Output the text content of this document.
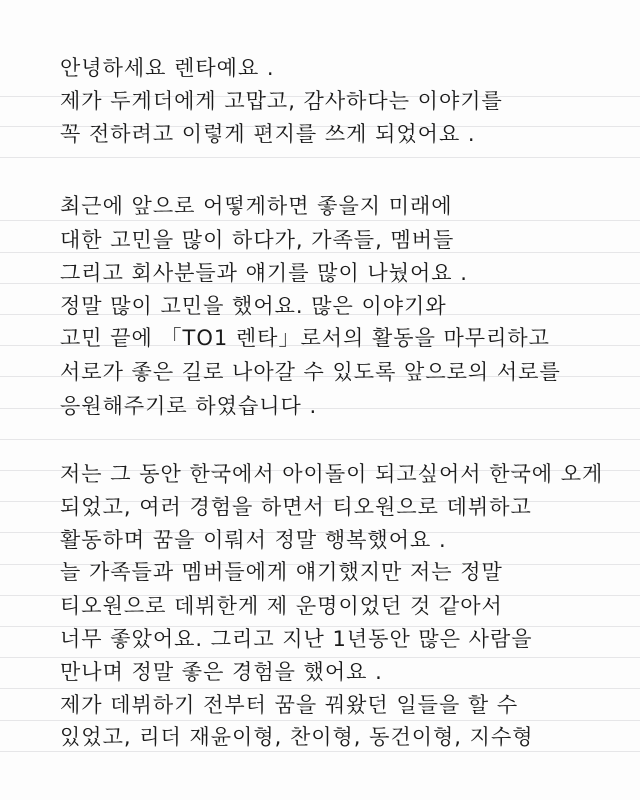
안녕하세요 렌타예요 .
제가 두게더에게 고맙고, 감사하다는 이야기를
꼭 전하려고 이렇게 편지를 쓰게 되었어요 .
최근에 앞으로 어떻게하면 좋을지 미래에
대한 고민을 많이 하다가, 가족들, 멤버들
그리고 회사분들과 얘기를 많이 나눴어요 .
정말 많이 고민을 했어요. 많은 이야기와
고민 끝에 「TO1 렌타」로서의 활동을 마무리하고
서로가 좋은 길로 나아갈 수 있도록 앞으로의 서로를
응원해주기로 하였습니다 .
저는 그 동안 한국에서 아이돌이 되고싶어서 한국에 오게
되었고, 여러 경험을 하면서 티오원으로 데뷔하고
활동하며 꿈을 이뤄서 정말 행복했어요 .
늘 가족들과 멤버들에게 얘기했지만 저는 정말
티오원으로 데뷔한게 제 운명이었던 것 같아서
너무 좋았어요. 그리고 지난 1년동안 많은 사람을
만나며 정말 좋은 경험을 했어요 .
제가 데뷔하기 전부터 꿈을 꿔왔던 일들을 할 수
있었고, 리더 재윤이형, 찬이형, 동건이형, 지수형
